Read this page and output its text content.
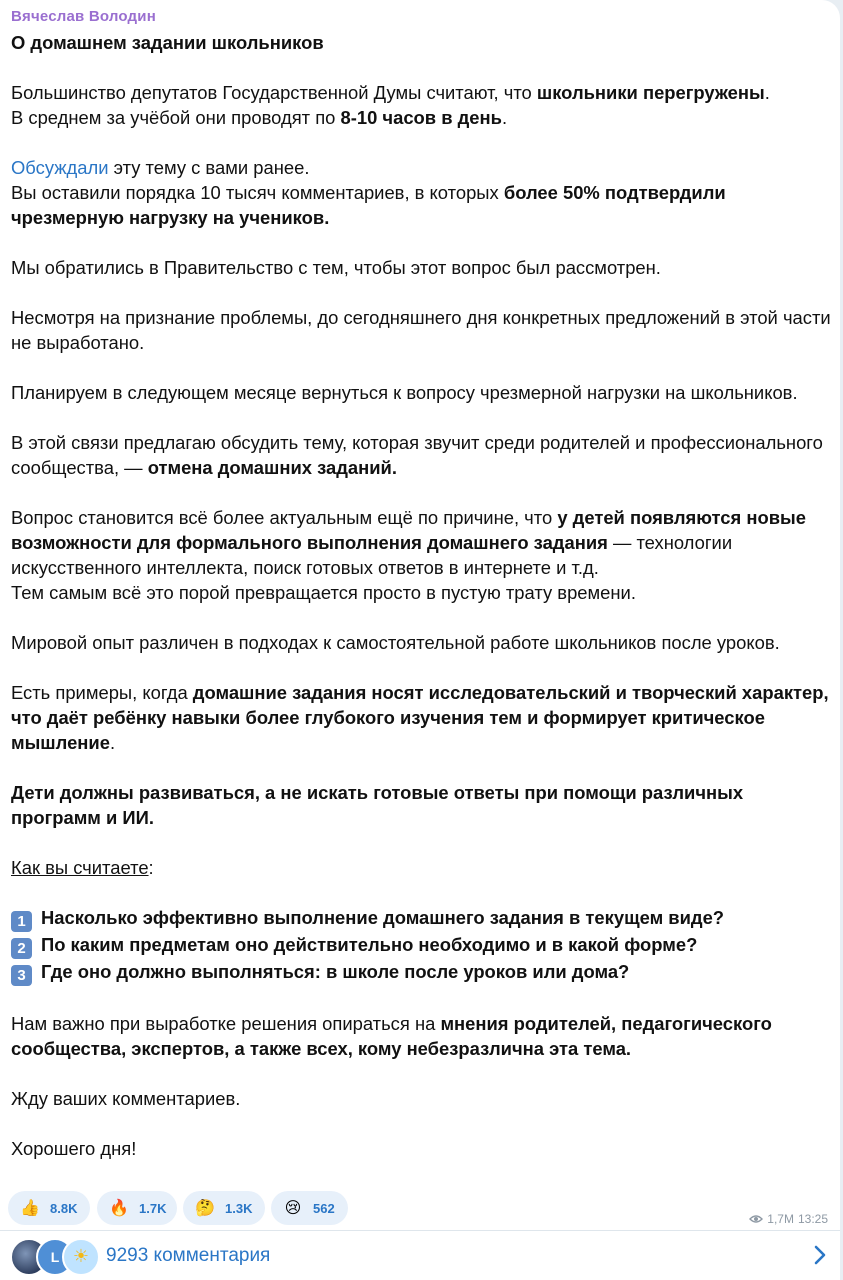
Вячеслав Володин

О домашнем задании школьников

Большинство депутатов Государственной Думы считают, что школьники перегружены.

В среднем за учёбой они проводят по 8-10 часов в день.

Обсуждали эту тему с вами ранее.

Вы оставили порядка 10 тысяч комментариев, в которых более 50% подтвердили чрезмерную нагрузку на учеников.

Мы обратились в Правительство с тем, чтобы этот вопрос был рассмотрен.

Несмотря на признание проблемы, до сегодняшнего дня конкретных предложений в этой части не выработано.

Планируем в следующем месяце вернуться к вопросу чрезмерной нагрузки на школьников.

В этой связи предлагаю обсудить тему, которая звучит среди родителей и профессионального сообщества, — отмена домашних заданий.

Вопрос становится всё более актуальным ещё по причине, что у детей появляются новые возможности для формального выполнения домашнего задания — технологии искусственного интеллекта, поиск готовых ответов в интернете и т.д.

Тем самым всё это порой превращается просто в пустую трату времени.

Мировой опыт различен в подходах к самостоятельной работе школьников после уроков.

Есть примеры, когда домашние задания носят исследовательский и творческий характер, что даёт ребёнку навыки более глубокого изучения тем и формирует критическое мышление.

Дети должны развиваться, а не искать готовые ответы при помощи различных программ и ИИ.

Как вы считаете:

1 Насколько эффективно выполнение домашнего задания в текущем виде?

2 По каким предметам оно действительно необходимо и в какой форме?

3 Где оно должно выполняться: в школе после уроков или дома?

Нам важно при выработке решения опираться на мнения родителей, педагогического сообщества, экспертов, а также всех, кому небезразлична эта тема.

Жду ваших комментариев.

Хорошего дня!

👍 8.8K 🔥 1.7K 🤔 1.3K 😢 562
1,7M 13:25
L ☀ 9293 комментария
